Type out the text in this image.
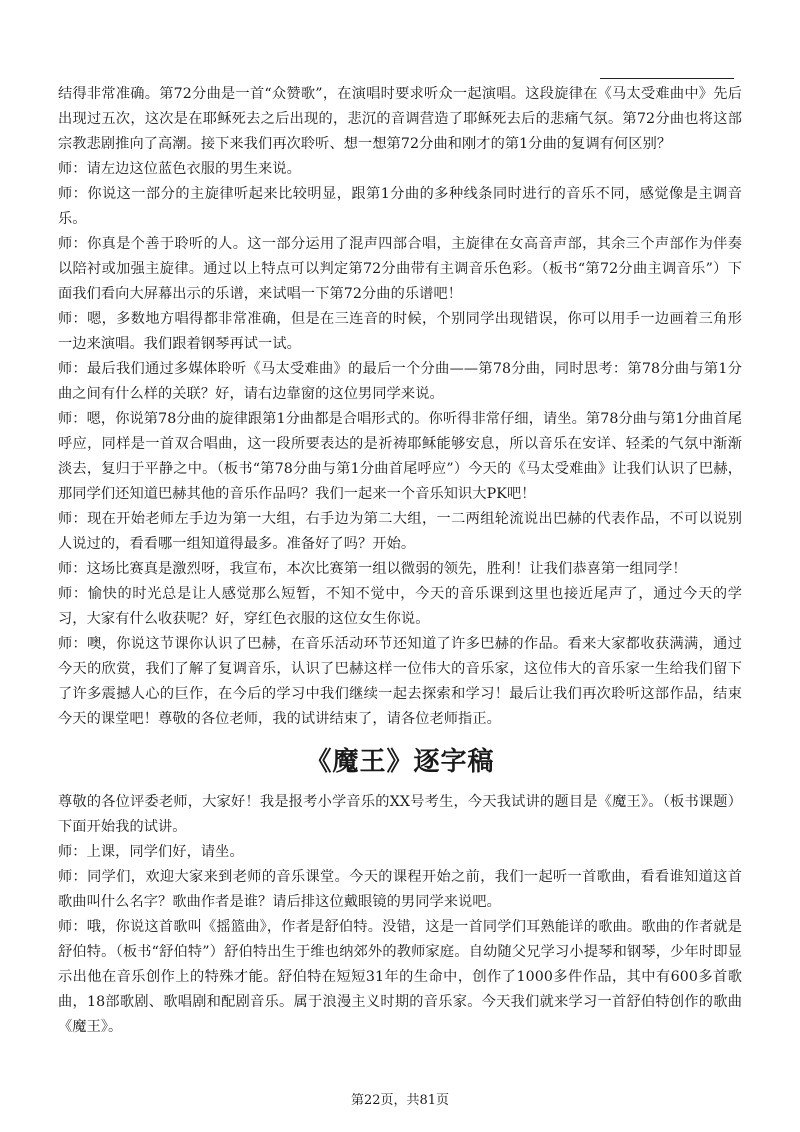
结得非常准确。第72分曲是一首“众赞歌”，在演唱时要求听众一起演唱。这段旋律在《马太受难曲中》先后出现过五次，这次是在耶稣死去之后出现的，悲沉的音调营造了耶稣死去后的悲痛气氛。第72分曲也将这部宗教悲剧推向了高潮。接下来我们再次聆听、想一想第72分曲和刚才的第1分曲的复调有何区别？

师：请左边这位蓝色衣服的男生来说。

师：你说这一部分的主旋律听起来比较明显，跟第1分曲的多种线条同时进行的音乐不同，感觉像是主调音乐。

师：你真是个善于聆听的人。这一部分运用了混声四部合唱，主旋律在女高音声部，其余三个声部作为伴奏以陪衬或加强主旋律。通过以上特点可以判定第72分曲带有主调音乐色彩。（板书“第72分曲主调音乐”）下面我们看向大屏幕出示的乐谱，来试唱一下第72分曲的乐谱吧！

师：嗯，多数地方唱得都非常准确，但是在三连音的时候，个别同学出现错误，你可以用手一边画着三角形一边来演唱。我们跟着钢琴再试一试。

师：最后我们通过多媒体聆听《马太受难曲》的最后一个分曲——第78分曲，同时思考：第78分曲与第1分曲之间有什么样的关联？好，请右边靠窗的这位男同学来说。

师：嗯，你说第78分曲的旋律跟第1分曲都是合唱形式的。你听得非常仔细，请坐。第78分曲与第1分曲首尾呼应，同样是一首双合唱曲，这一段所要表达的是祈祷耶稣能够安息，所以音乐在安详、轻柔的气氛中渐渐淡去，复归于平静之中。（板书“第78分曲与第1分曲首尾呼应”）今天的《马太受难曲》让我们认识了巴赫，那同学们还知道巴赫其他的音乐作品吗？我们一起来一个音乐知识大PK吧！

师：现在开始老师左手边为第一大组，右手边为第二大组，一二两组轮流说出巴赫的代表作品，不可以说别人说过的，看看哪一组知道得最多。准备好了吗？开始。

师：这场比赛真是激烈呀，我宣布，本次比赛第一组以微弱的领先，胜利！让我们恭喜第一组同学！

师：愉快的时光总是让人感觉那么短暂，不知不觉中，今天的音乐课到这里也接近尾声了，通过今天的学习，大家有什么收获呢？好，穿红色衣服的这位女生你说。

师：噢，你说这节课你认识了巴赫，在音乐活动环节还知道了许多巴赫的作品。看来大家都收获满满，通过今天的欣赏，我们了解了复调音乐，认识了巴赫这样一位伟大的音乐家，这位伟大的音乐家一生给我们留下了许多震撼人心的巨作，在今后的学习中我们继续一起去探索和学习！最后让我们再次聆听这部作品，结束今天的课堂吧！尊敬的各位老师，我的试讲结束了，请各位老师指正。

《魔王》逐字稿

尊敬的各位评委老师，大家好！我是报考小学音乐的XX号考生，今天我试讲的题目是《魔王》。（板书课题）下面开始我的试讲。

师：上课，同学们好，请坐。

师：同学们，欢迎大家来到老师的音乐课堂。今天的课程开始之前，我们一起听一首歌曲，看看谁知道这首歌曲叫什么名字？歌曲作者是谁？请后排这位戴眼镜的男同学来说吧。

师：哦，你说这首歌叫《摇篮曲》，作者是舒伯特。没错，这是一首同学们耳熟能详的歌曲。歌曲的作者就是舒伯特。（板书“舒伯特”）舒伯特出生于维也纳郊外的教师家庭。自幼随父兄学习小提琴和钢琴，少年时即显示出他在音乐创作上的特殊才能。舒伯特在短短31年的生命中，创作了1000多件作品，其中有600多首歌曲，18部歌剧、歌唱剧和配剧音乐。属于浪漫主义时期的音乐家。今天我们就来学习一首舒伯特创作的歌曲《魔王》。

第22页，共81页
